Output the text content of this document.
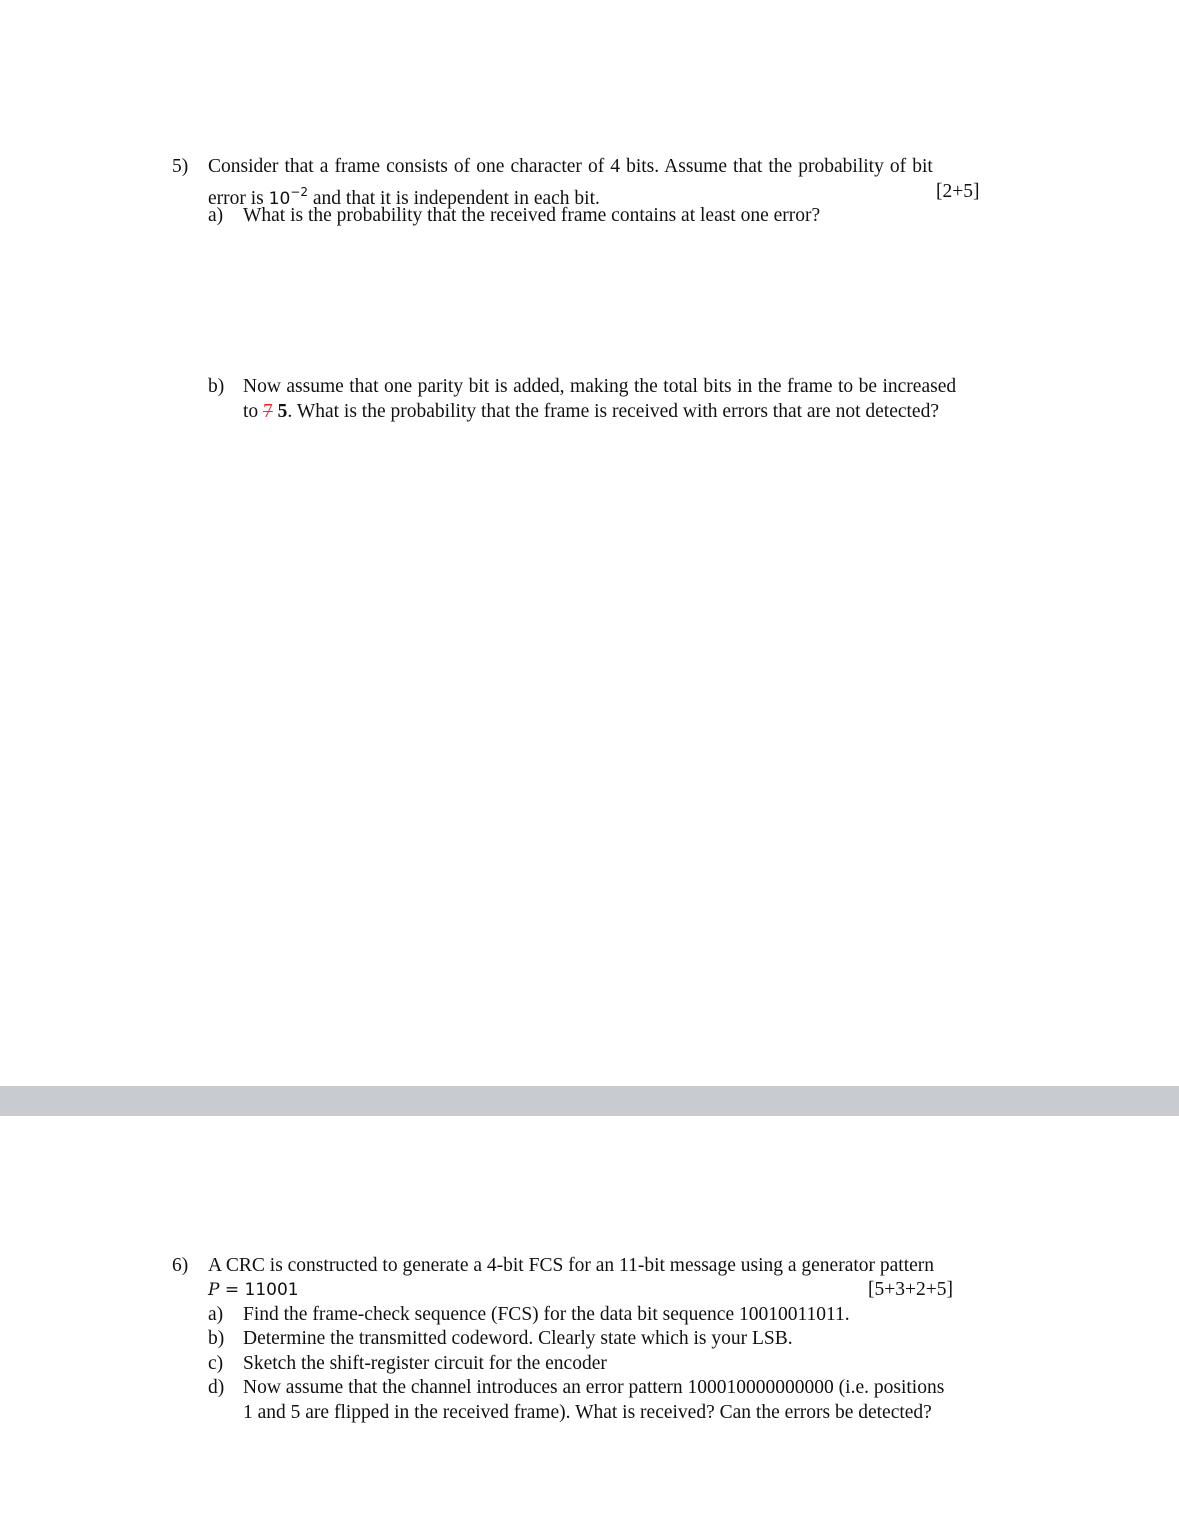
5) Consider that a frame consists of one character of 4 bits. Assume that the probability of bit
error is $10^{-2}$ and that it is independent in each bit.	[2+5]
a) What is the probability that the received frame contains at least one error?
b) Now assume that one parity bit is added, making the total bits in the frame to be increased
to 7 5. What is the probability that the frame is received with errors that are not detected?
6) A CRC is constructed to generate a 4-bit FCS for an 11-bit message using a generator pattern
P = 11001	[5+3+2+5]
a) Find the frame-check sequence (FCS) for the data bit sequence 10010011011.
b) Determine the transmitted codeword. Clearly state which is your LSB.
c) Sketch the shift-register circuit for the encoder
d) Now assume that the channel introduces an error pattern 100010000000000 (i.e. positions
1 and 5 are flipped in the received frame). What is received? Can the errors be detected?
